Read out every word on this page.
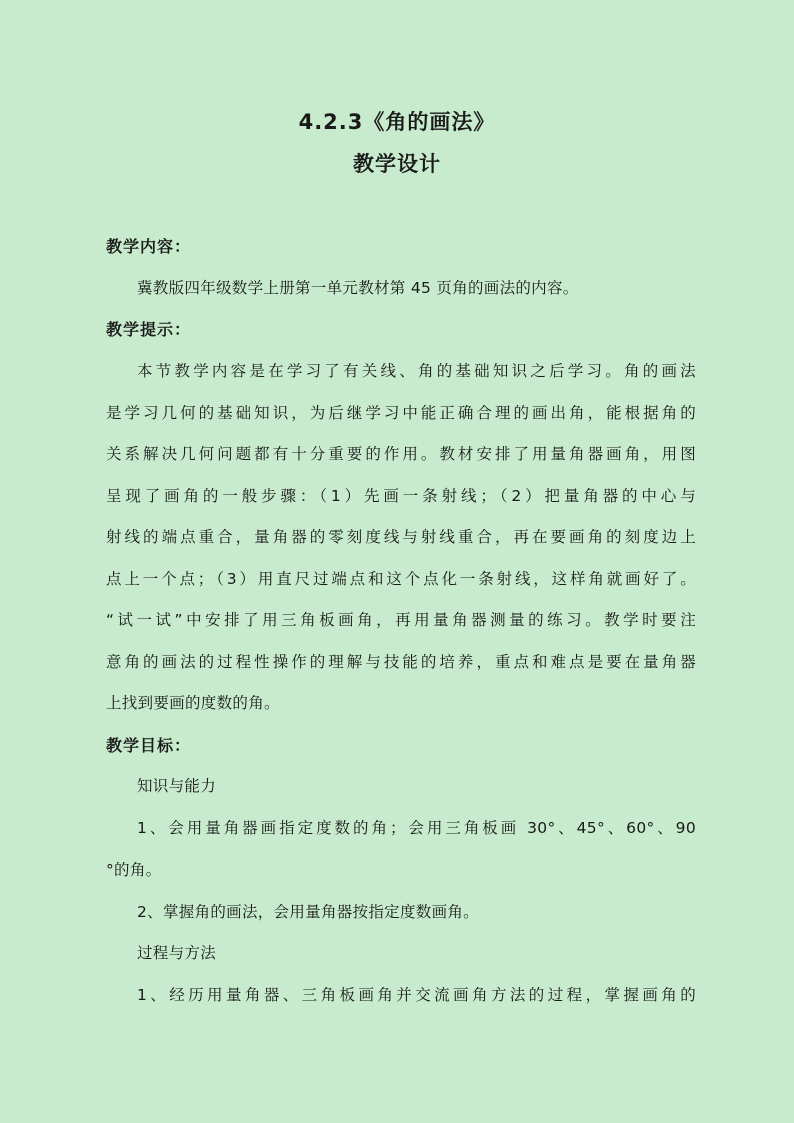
4.2.3《角的画法》
教学设计
教学内容：
冀教版四年级数学上册第一单元教材第 45 页角的画法的内容。
教学提示：
本节教学内容是在学习了有关线、角的基础知识之后学习。角的画法
是学习几何的基础知识，为后继学习中能正确合理的画出角，能根据角的
关系解决几何问题都有十分重要的作用。教材安排了用量角器画角，用图
呈现了画角的一般步骤：（1）先画一条射线；（2）把量角器的中心与
射线的端点重合，量角器的零刻度线与射线重合，再在要画角的刻度边上
点上一个点；（3）用直尺过端点和这个点化一条射线，这样角就画好了。
“试一试”中安排了用三角板画角，再用量角器测量的练习。教学时要注
意角的画法的过程性操作的理解与技能的培养，重点和难点是要在量角器
上找到要画的度数的角。
教学目标：
知识与能力
1、会用量角器画指定度数的角；会用三角板画 30°、45°、60°、90
°的角。
2、掌握角的画法，会用量角器按指定度数画角。
过程与方法
1、经历用量角器、三角板画角并交流画角方法的过程，掌握画角的
